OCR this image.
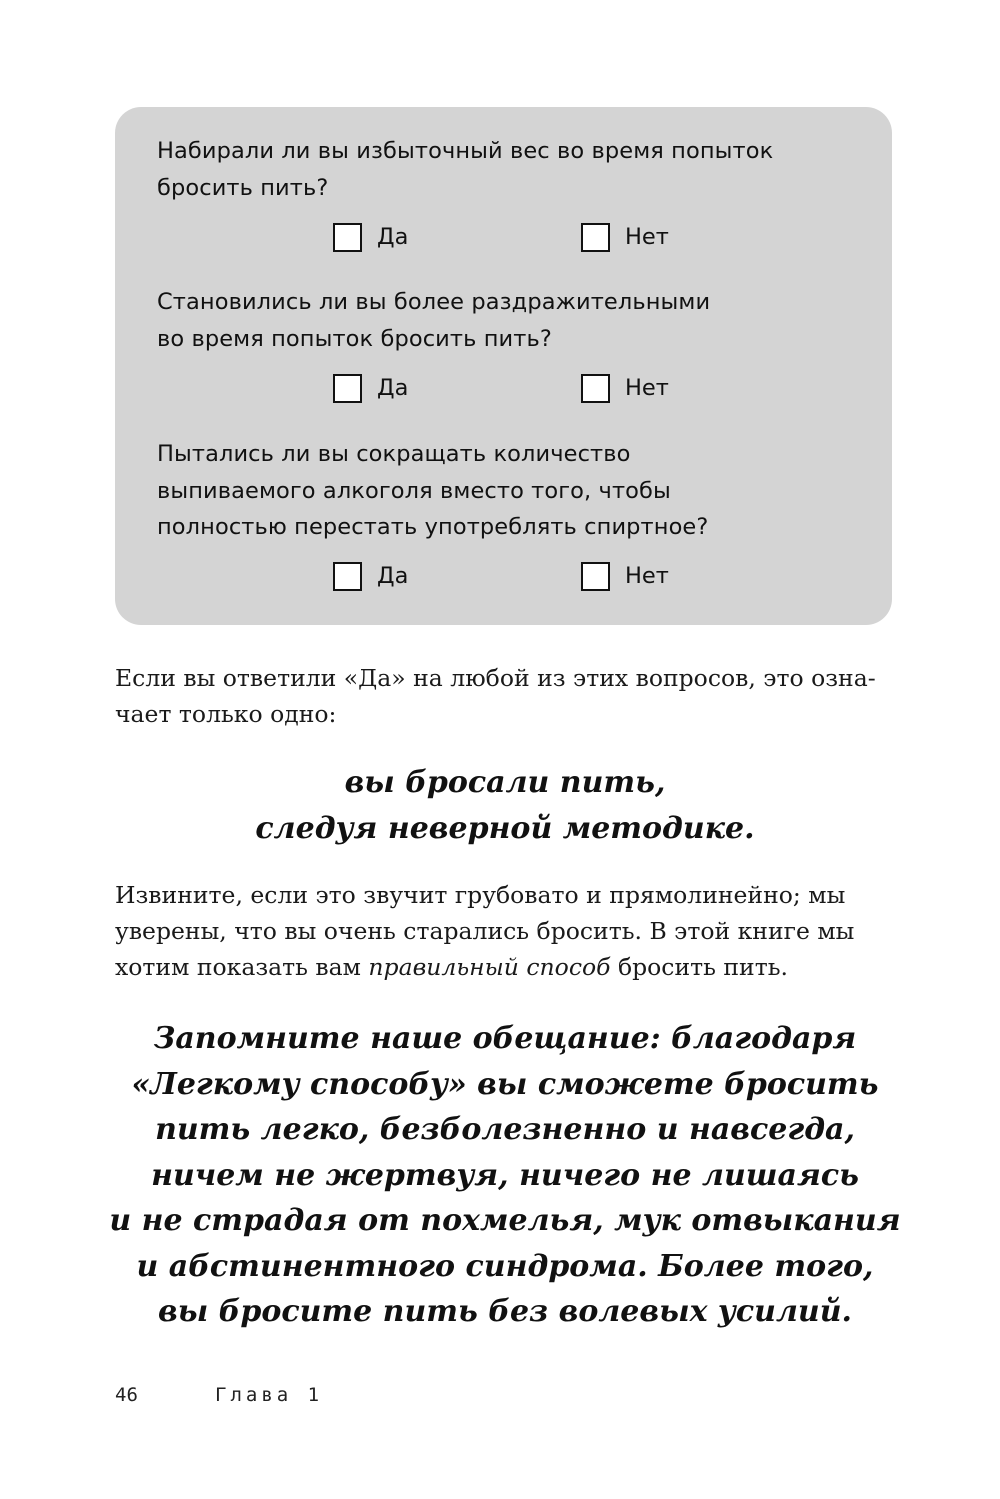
Набирали ли вы избыточный вес во время попыток
бросить пить?
Да	Нет
Становились ли вы более раздражительными
во время попыток бросить пить?
Да	Нет
Пытались ли вы сокращать количество
выпиваемого алкоголя вместо того, чтобы
полностью перестать употреблять спиртное?
Да	Нет
Если вы ответили «Да» на любой из этих вопросов, это озна-
чает только одно:
вы бросали пить,
следуя неверной методике.
Извините, если это звучит грубовато и прямолинейно; мы
уверены, что вы очень старались бросить. В этой книге мы
хотим показать вам правильный способ бросить пить.
Запомните наше обещание: благодаря
«Легкому способу» вы сможете бросить
пить легко, безболезненно и навсегда,
ничем не жертвуя, ничего не лишаясь
и не страдая от похмелья, мук отвыкания
и абстинентного синдрома. Более того,
вы бросите пить без волевых усилий.
46	Глава 1
